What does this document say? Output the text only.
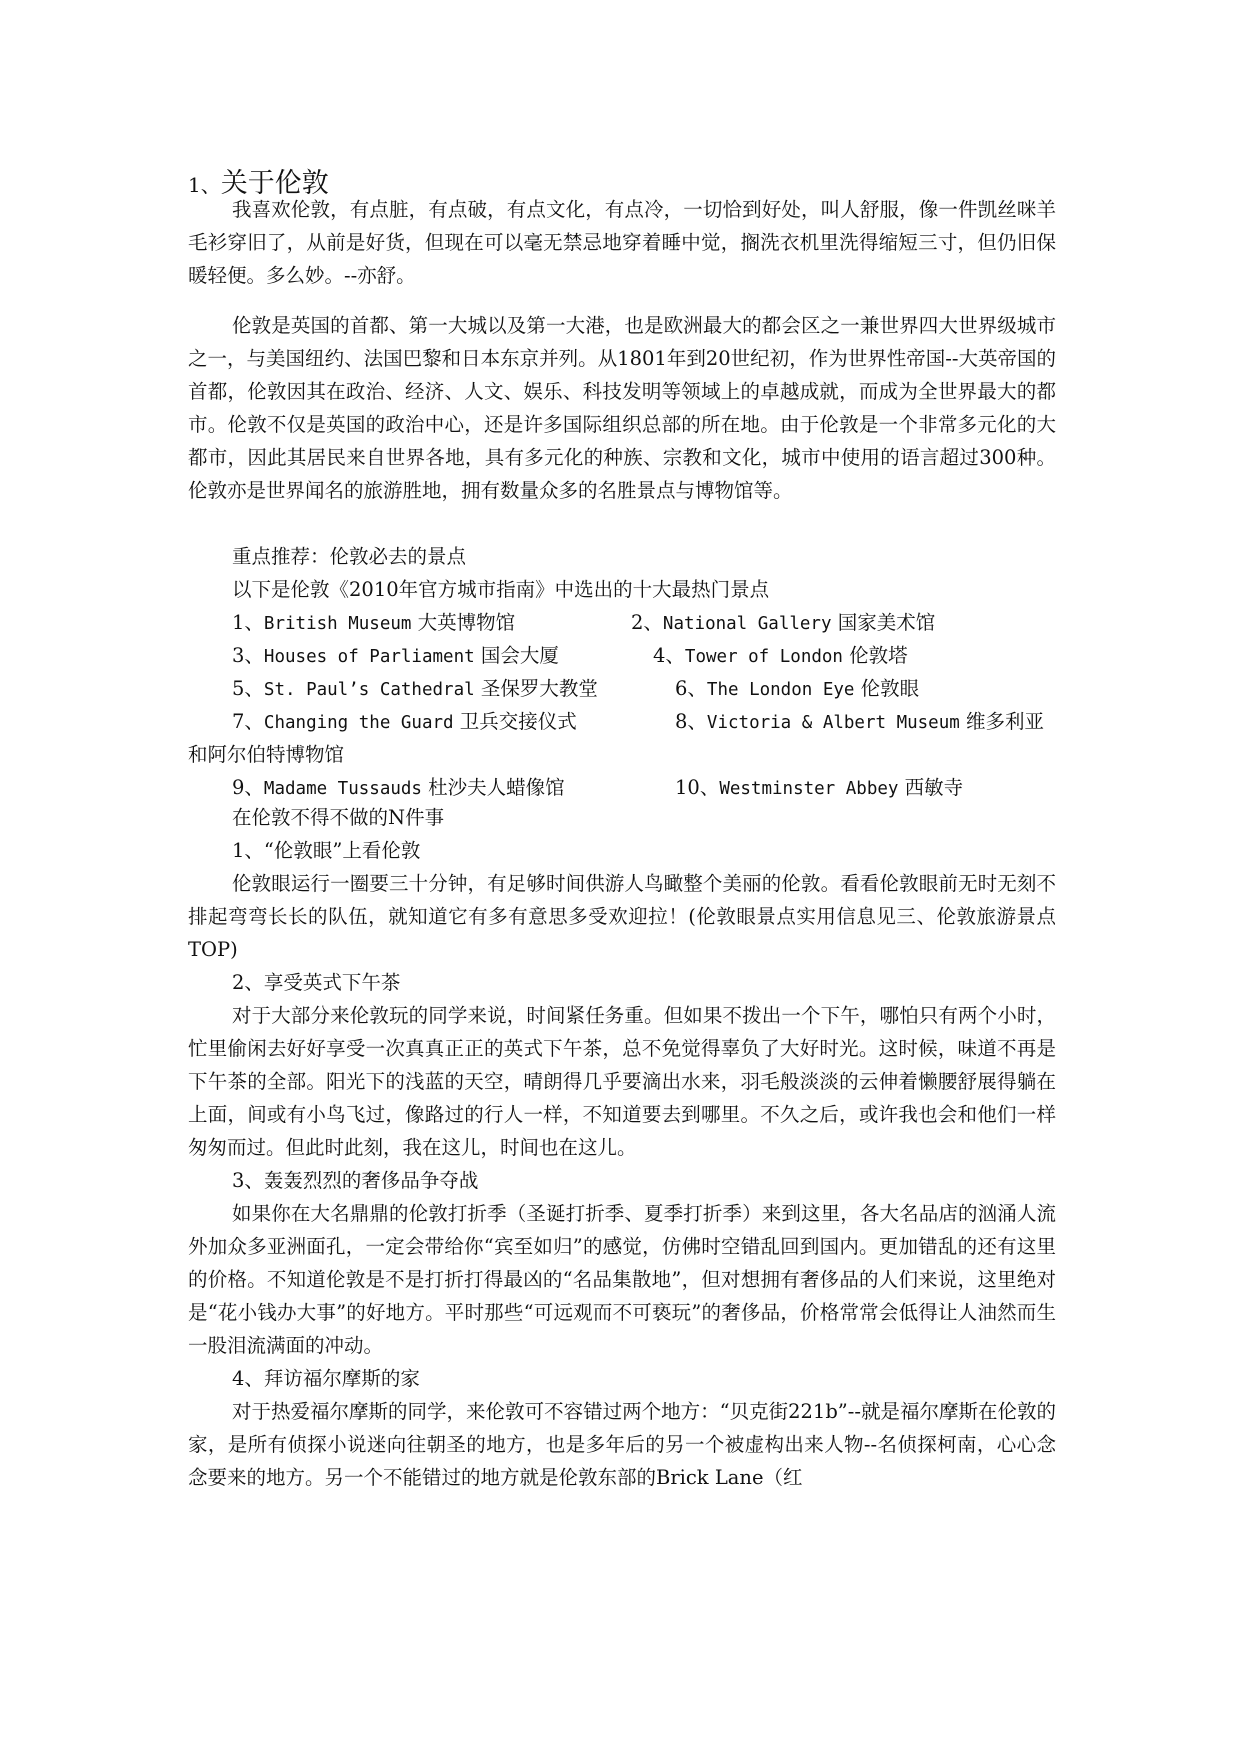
1、关于伦敦

我喜欢伦敦，有点脏，有点破，有点文化，有点冷，一切恰到好处，叫人舒服，像一件凯丝咪羊毛衫穿旧了，从前是好货，但现在可以毫无禁忌地穿着睡中觉，搁洗衣机里洗得缩短三寸，但仍旧保暖轻便。多么妙。--亦舒。

伦敦是英国的首都、第一大城以及第一大港，也是欧洲最大的都会区之一兼世界四大世界级城市之一，与美国纽约、法国巴黎和日本东京并列。从1801年到20世纪初，作为世界性帝国--大英帝国的首都，伦敦因其在政治、经济、人文、娱乐、科技发明等领域上的卓越成就，而成为全世界最大的都市。伦敦不仅是英国的政治中心，还是许多国际组织总部的所在地。由于伦敦是一个非常多元化的大都市，因此其居民来自世界各地，具有多元化的种族、宗教和文化，城市中使用的语言超过300种。伦敦亦是世界闻名的旅游胜地，拥有数量众多的名胜景点与博物馆等。

重点推荐：伦敦必去的景点

以下是伦敦《2010年官方城市指南》中选出的十大最热门景点

1、British Museum 大英博物馆	2、National Gallery 国家美术馆
3、Houses of Parliament 国会大厦	4、Tower of London 伦敦塔
5、St. Paul’s Cathedral 圣保罗大教堂	6、The London Eye 伦敦眼
7、Changing the Guard 卫兵交接仪式	8、Victoria & Albert Museum 维多利亚
和阿尔伯特博物馆
9、Madame Tussauds 杜沙夫人蜡像馆	10、Westminster Abbey 西敏寺

在伦敦不得不做的N件事

1、“伦敦眼”上看伦敦

伦敦眼运行一圈要三十分钟，有足够时间供游人鸟瞰整个美丽的伦敦。看看伦敦眼前无时无刻不排起弯弯长长的队伍，就知道它有多有意思多受欢迎拉！(伦敦眼景点实用信息见三、伦敦旅游景点TOP)

2、享受英式下午茶

对于大部分来伦敦玩的同学来说，时间紧任务重。但如果不拨出一个下午，哪怕只有两个小时，忙里偷闲去好好享受一次真真正正的英式下午茶，总不免觉得辜负了大好时光。这时候，味道不再是下午茶的全部。阳光下的浅蓝的天空，晴朗得几乎要滴出水来，羽毛般淡淡的云伸着懒腰舒展得躺在上面，间或有小鸟飞过，像路过的行人一样，不知道要去到哪里。不久之后，或许我也会和他们一样匆匆而过。但此时此刻，我在这儿，时间也在这儿。

3、轰轰烈烈的奢侈品争夺战

如果你在大名鼎鼎的伦敦打折季（圣诞打折季、夏季打折季）来到这里，各大名品店的汹涌人流外加众多亚洲面孔，一定会带给你“宾至如归”的感觉，仿佛时空错乱回到国内。更加错乱的还有这里的价格。不知道伦敦是不是打折打得最凶的“名品集散地”，但对想拥有奢侈品的人们来说，这里绝对是“花小钱办大事”的好地方。平时那些“可远观而不可亵玩”的奢侈品，价格常常会低得让人油然而生一股泪流满面的冲动。

4、拜访福尔摩斯的家

对于热爱福尔摩斯的同学，来伦敦可不容错过两个地方：“贝克街221b”--就是福尔摩斯在伦敦的家，是所有侦探小说迷向往朝圣的地方，也是多年后的另一个被虚构出来人物--名侦探柯南，心心念念要来的地方。另一个不能错过的地方就是伦敦东部的Brick Lane（红
